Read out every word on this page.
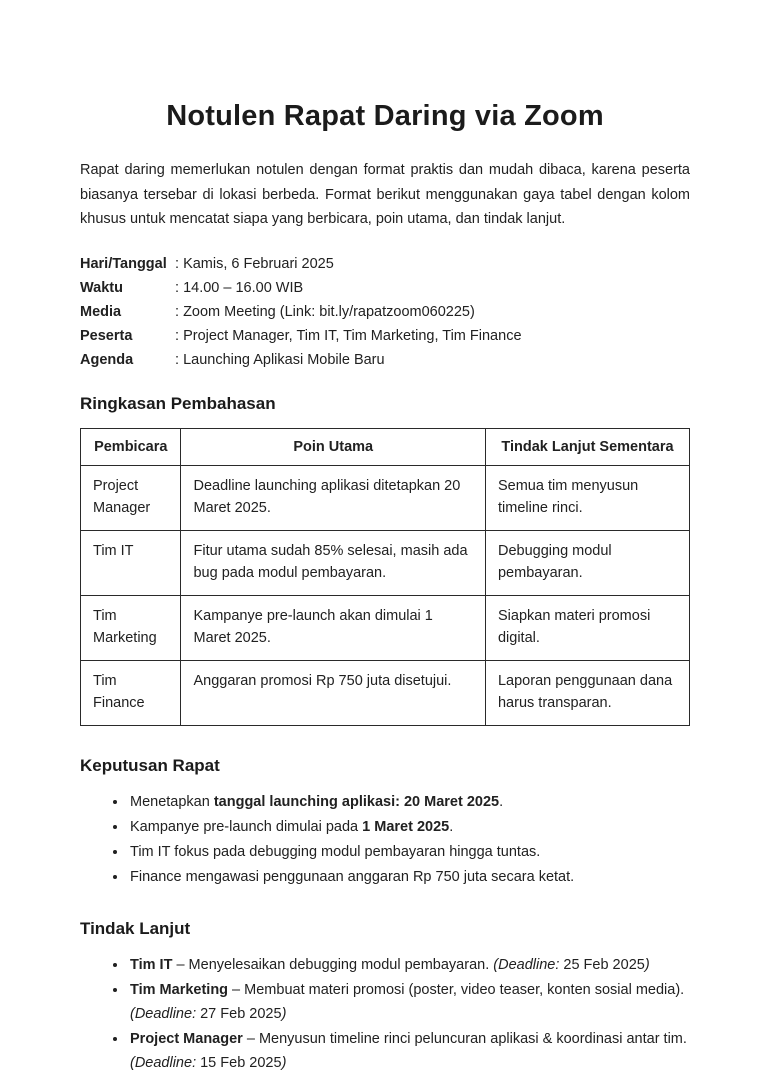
Notulen Rapat Daring via Zoom

Rapat daring memerlukan notulen dengan format praktis dan mudah dibaca, karena peserta biasanya tersebar di lokasi berbeda. Format berikut menggunakan gaya tabel dengan kolom khusus untuk mencatat siapa yang berbicara, poin utama, dan tindak lanjut.

Hari/Tanggal : Kamis, 6 Februari 2025
Waktu	: 14.00 – 16.00 WIB
Media	: Zoom Meeting (Link: bit.ly/rapatzoom060225)
Peserta	: Project Manager, Tim IT, Tim Marketing, Tim Finance
Agenda	: Launching Aplikasi Mobile Baru
Ringkasan Pembahasan
Pembicara	Poin Utama	Tindak Lanjut Sementara
Project Manager	Deadline launching aplikasi ditetapkan 20 Maret 2025.	Semua tim menyusun timeline rinci.
Tim IT	Fitur utama sudah 85% selesai, masih ada bug pada modul pembayaran.	Debugging modul pembayaran.
Tim Marketing	Kampanye pre-launch akan dimulai 1 Maret 2025.	Siapkan materi promosi digital.
Tim Finance	Anggaran promosi Rp 750 juta disetujui.	Laporan penggunaan dana harus transparan.
Keputusan Rapat
• Menetapkan tanggal launching aplikasi: 20 Maret 2025.
• Kampanye pre-launch dimulai pada 1 Maret 2025.
• Tim IT fokus pada debugging modul pembayaran hingga tuntas.
• Finance mengawasi penggunaan anggaran Rp 750 juta secara ketat.
Tindak Lanjut
• Tim IT – Menyelesaikan debugging modul pembayaran. (Deadline: 25 Feb 2025)
• Tim Marketing – Membuat materi promosi (poster, video teaser, konten sosial media). (Deadline: 27 Feb 2025)
• Project Manager – Menyusun timeline rinci peluncuran aplikasi & koordinasi antar tim. (Deadline: 15 Feb 2025)
